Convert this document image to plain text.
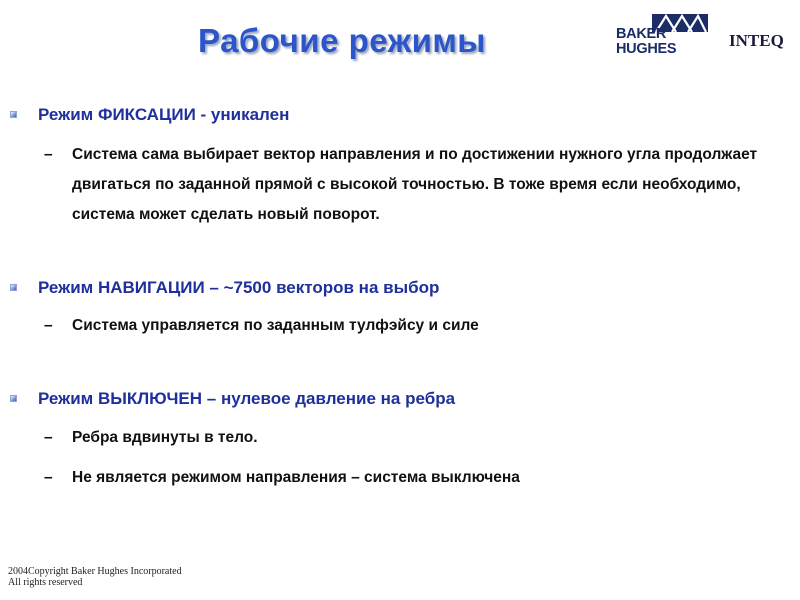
Рабочие режимы	BAKER
HUGHES	INTEQ
Режим ФИКСАЦИИ - уникален
– Система сама выбирает вектор направления и по достижении нужного угла продолжает двигаться по заданной прямой с высокой точностью. В тоже время если необходимо, система может сделать новый поворот.
Режим НАВИГАЦИИ – ~7500 векторов на выбор
– Система управляется по заданным тулфэйсу и силе
Режим ВЫКЛЮЧЕН – нулевое давление на ребра
– Ребра вдвинуты в тело.
– Не является режимом направления – система выключена
2004Copyright Baker Hughes Incorporated
All rights reserved
